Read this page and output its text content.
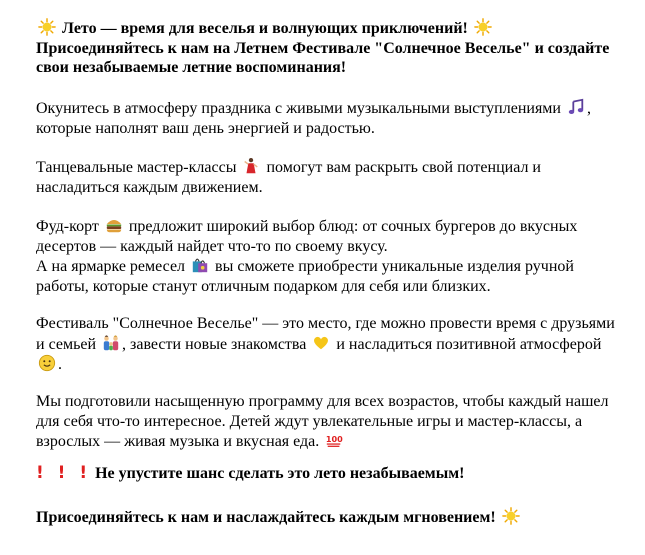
Лето — время для веселья и волнующих приключений!

Присоединяйтесь к нам на Летнем Фестивале "Солнечное Веселье" и создайте свои незабываемые летние воспоминания!

Окунитесь в атмосферу праздника с живыми музыкальными выступлениями , которые наполнят ваш день энергией и радостью.

Танцевальные мастер-классы помогут вам раскрыть свой потенциал и насладиться каждым движением.

Фуд-корт предложит широкий выбор блюд: от сочных бургеров до вкусных десертов — каждый найдет что-то по своему вкусу.
А на ярмарке ремесел вы сможете приобрести уникальные изделия ручной работы, которые станут отличным подарком для себя или близких.

Фестиваль "Солнечное Веселье" — это место, где можно провести время с друзьями и семьей , завести новые знакомства и насладиться позитивной атмосферой
.

Мы подготовили насыщенную программу для всех возрастов, чтобы каждый нашел для себя что-то интересное. Детей ждут увлекательные игры и мастер-классы, а взрослых — живая музыка и вкусная еда. 100

! ! ! Не упустите шанс сделать это лето незабываемым!

Присоединяйтесь к нам и наслаждайтесь каждым мгновением!
